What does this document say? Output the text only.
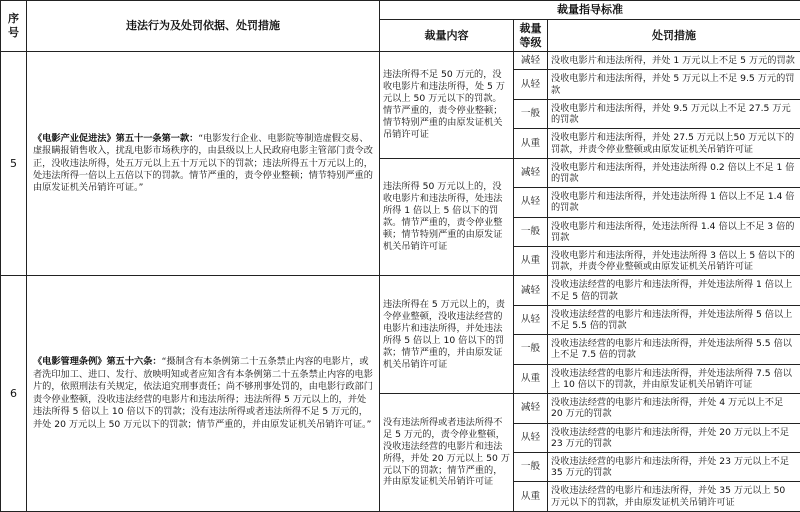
序号	违法行为及处罚依据、处罚措施	裁量指导标准		
		裁量内容	裁量等级	处罚措施
5	《电影产业促进法》第五十一条第一款：“电影发行企业、电影院等制造虚假交易、虚报瞒报销售收入，扰乱电影市场秩序的，由县级以上人民政府电影主管部门责令改正，没收违法所得，处五万元以上五十万元以下的罚款；违法所得五十万元以上的，处违法所得一倍以上五倍以下的罚款。情节严重的，责令停业整顿；情节特别严重的由原发证机关吊销许可证。”	违法所得不足 50 万元的，没收电影片和违法所得，处 5 万元以上 50 万元以下的罚款。情节严重的，责令停业整顿；情节特别严重的由原发证机关吊销许可证	减轻	没收电影片和违法所得，并处 1 万元以上不足 5 万元的罚款
			从轻	没收电影片和违法所得，并处 5 万元以上不足 9.5 万元的罚款
			一般	没收电影片和违法所得，并处 9.5 万元以上不足 27.5 万元的罚款
			从重	没收电影片和违法所得，并处 27.5 万元以上50 万元以下的罚款，并责令停业整顿或由原发证机关吊销许可证
		违法所得 50 万元以上的，没收电影片和违法所得，处违法所得 1 倍以上 5 倍以下的罚款。情节严重的，责令停业整顿；情节特别严重的由原发证机关吊销许可证	减轻	没收电影片和违法所得，并处违法所得 0.2 倍以上不足 1 倍的罚款
			从轻	没收电影片和违法所得，并处违法所得 1 倍以上不足 1.4 倍的罚款
			一般	没收电影片和违法所得，处违法所得 1.4 倍以上不足 3 倍的罚款
			从重	没收电影片和违法所得，并处违法所得 3 倍以上 5 倍以下的罚款，并责令停业整顿或由原发证机关吊销许可证
6	《电影管理条例》第五十六条：“摄制含有本条例第二十五条禁止内容的电影片，或者洗印加工、进口、发行、放映明知或者应知含有本条例第二十五条禁止内容的电影片的，依照刑法有关规定，依法追究刑事责任；尚不够刑事处罚的，由电影行政部门责令停业整顿，没收违法经营的电影片和违法所得；违法所得 5 万元以上的，并处违法所得 5 倍以上 10 倍以下的罚款；没有违法所得或者违法所得不足 5 万元的，并处 20 万元以上 50 万元以下的罚款；情节严重的，并由原发证机关吊销许可证。”	违法所得在 5 万元以上的，责令停业整顿，没收违法经营的电影片和违法所得，并处违法所得 5 倍以上 10 倍以下的罚款；情节严重的，并由原发证机关吊销许可证	减轻	没收违法经营的电影片和违法所得，并处违法所得 1 倍以上不足 5 倍的罚款
			从轻	没收违法经营的电影片和违法所得，并处违法所得 5 倍以上不足 5.5 倍的罚款
			一般	没收违法经营的电影片和违法所得，并处违法所得 5.5 倍以上不足 7.5 倍的罚款
			从重	没收违法经营的电影片和违法所得，并处违法所得 7.5 倍以上 10 倍以下的罚款，并由原发证机关吊销许可证
		没有违法所得或者违法所得不足 5 万元的，责令停业整顿，没收违法经营的电影片和违法所得，并处 20 万元以上 50 万元以下的罚款；情节严重的，并由原发证机关吊销许可证	减轻	没收违法经营的电影片和违法所得，并处 4 万元以上不足 20 万元的罚款
			从轻	没收违法经营的电影片和违法所得，并处 20 万元以上不足 23 万元的罚款
			一般	没收违法经营的电影片和违法所得，并处 23 万元以上不足 35 万元的罚款
			从重	没收违法经营的电影片和违法所得，并处 35 万元以上 50 万元以下的罚款，并由原发证机关吊销许可证
